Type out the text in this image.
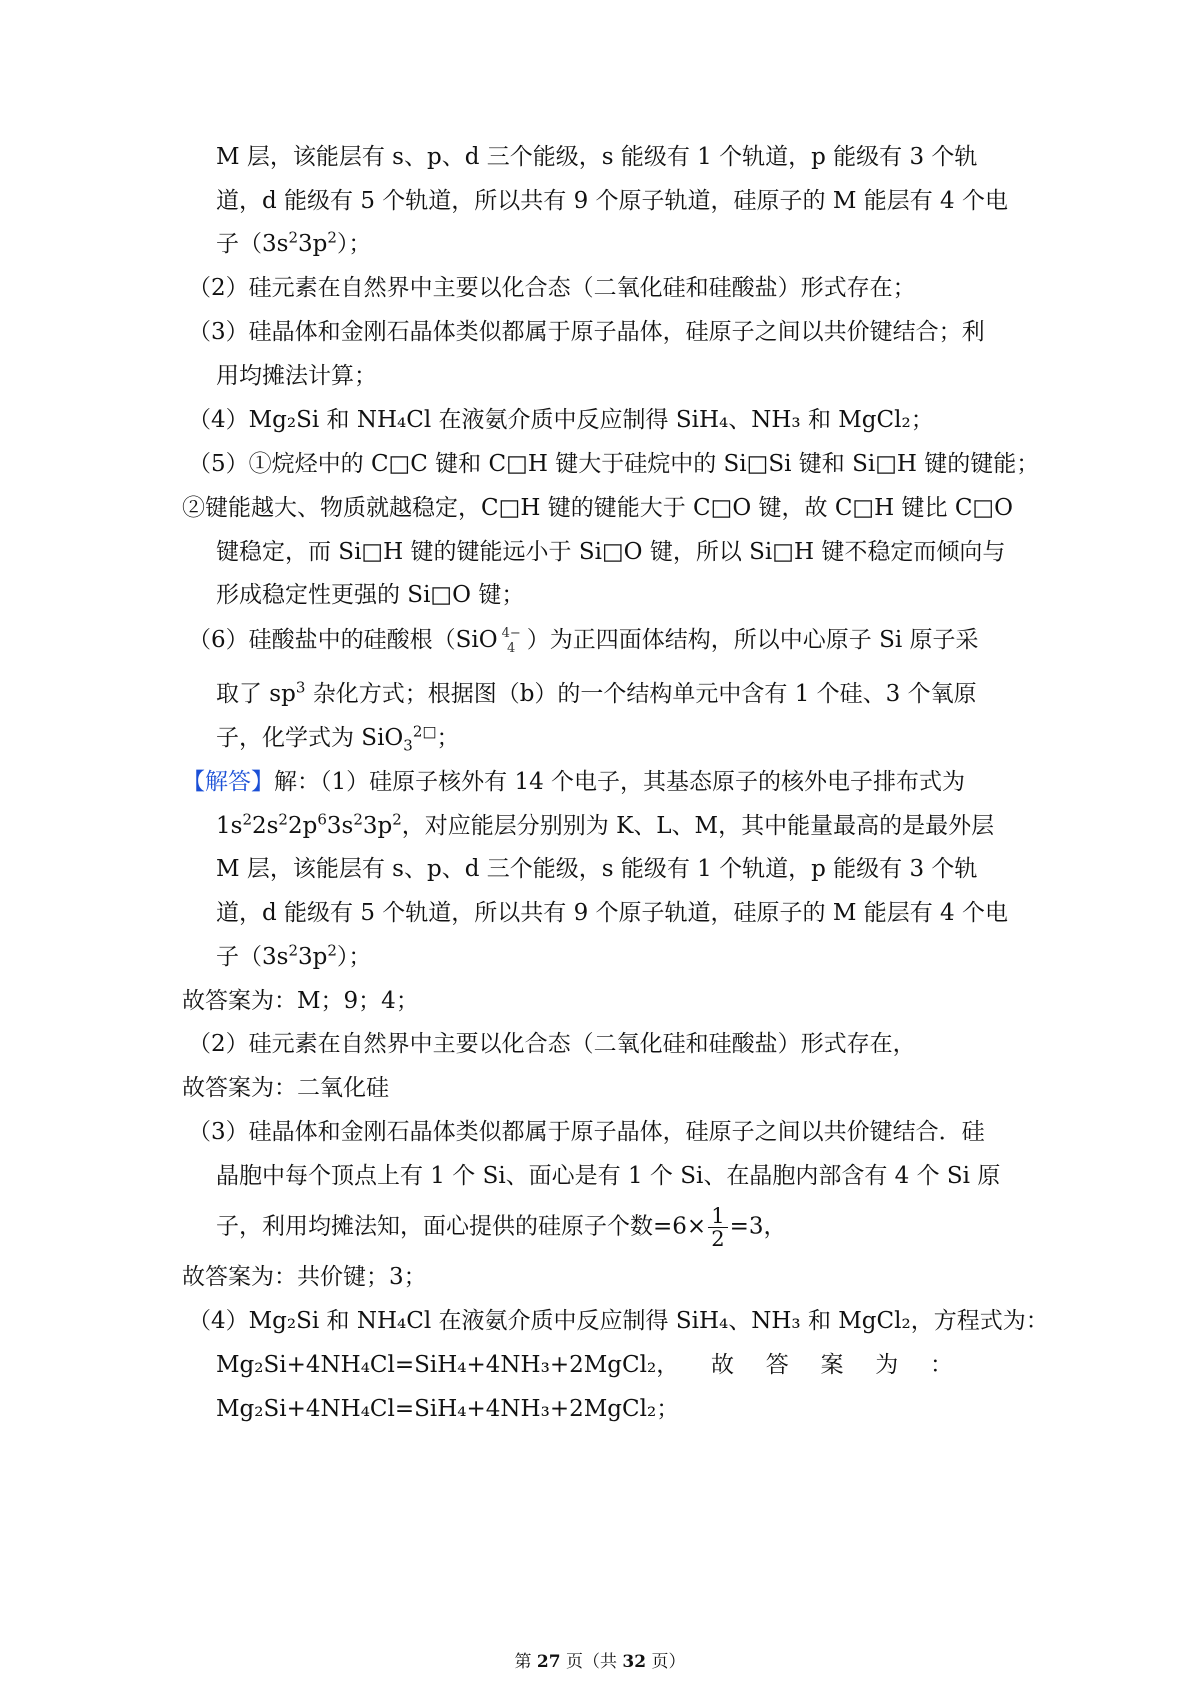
M 层，该能层有 s、p、d 三个能级，s 能级有 1 个轨道，p 能级有 3 个轨
道，d 能级有 5 个轨道，所以共有 9 个原子轨道，硅原子的 M 能层有 4 个电
子$(3s^23p^2)$；
（2）硅元素在自然界中主要以化合态（二氧化硅和硅酸盐）形式存在；
（3）硅晶体和金刚石晶体类似都属于原子晶体，硅原子之间以共价键结合；利
用均摊法计算；
（4）Mg₂Si 和 NH₄Cl 在液氨介质中反应制得 SiH₄、NH₃ 和 MgCl₂；
（5）①烷烃中的 C□C 键和 C□H 键大于硅烷中的 Si□Si 键和 Si□H 键的键能；
②键能越大、物质就越稳定，C□H 键的键能大于 C□O 键，故 C□H 键比 C□O
键稳定，而 Si□H 键的键能远小于 Si□O 键，所以 Si□H 键不稳定而倾向与
形成稳定性更强的 Si□O 键；
（6）硅酸盐中的硅酸根（SiO 4−
4 ）为正四面体结构，所以中心原子 Si 原子采
取了 $sp^3$ 杂化方式；根据图（b）的一个结构单元中含有 1 个硅、3 个氧原
子，化学式为 SiO$_3^{2□}$；
【解答】解：（1）硅原子核外有 14 个电子，其基态原子的核外电子排布式为
$1s^22s^22p^63s^23p^2$，对应能层分别别为 K、L、M，其中能量最高的是最外层
M 层，该能层有 s、p、d 三个能级，s 能级有 1 个轨道，p 能级有 3 个轨
道，d 能级有 5 个轨道，所以共有 9 个原子轨道，硅原子的 M 能层有 4 个电
子$(3s^23p^2)$；
故答案为：M；9；4；
（2）硅元素在自然界中主要以化合态（二氧化硅和硅酸盐）形式存在，
故答案为：二氧化硅
（3）硅晶体和金刚石晶体类似都属于原子晶体，硅原子之间以共价键结合．硅
晶胞中每个顶点上有 1 个 Si、面心是有 1 个 Si、在晶胞内部含有 4 个 Si 原
子，利用均摊法知，面心提供的硅原子个数$=6\times \frac{1}{2} =3$，
故答案为：共价键；3；
（4）Mg₂Si 和 NH₄Cl 在液氨介质中反应制得 SiH₄、NH₃ 和 MgCl₂，方程式为：
Mg₂Si+4NH₄Cl=SiH₄+4NH₃+2MgCl₂， 故 答 案 为 ：
Mg₂Si+4NH₄Cl=SiH₄+4NH₃+2MgCl₂；
第 27 页（共 32 页）
